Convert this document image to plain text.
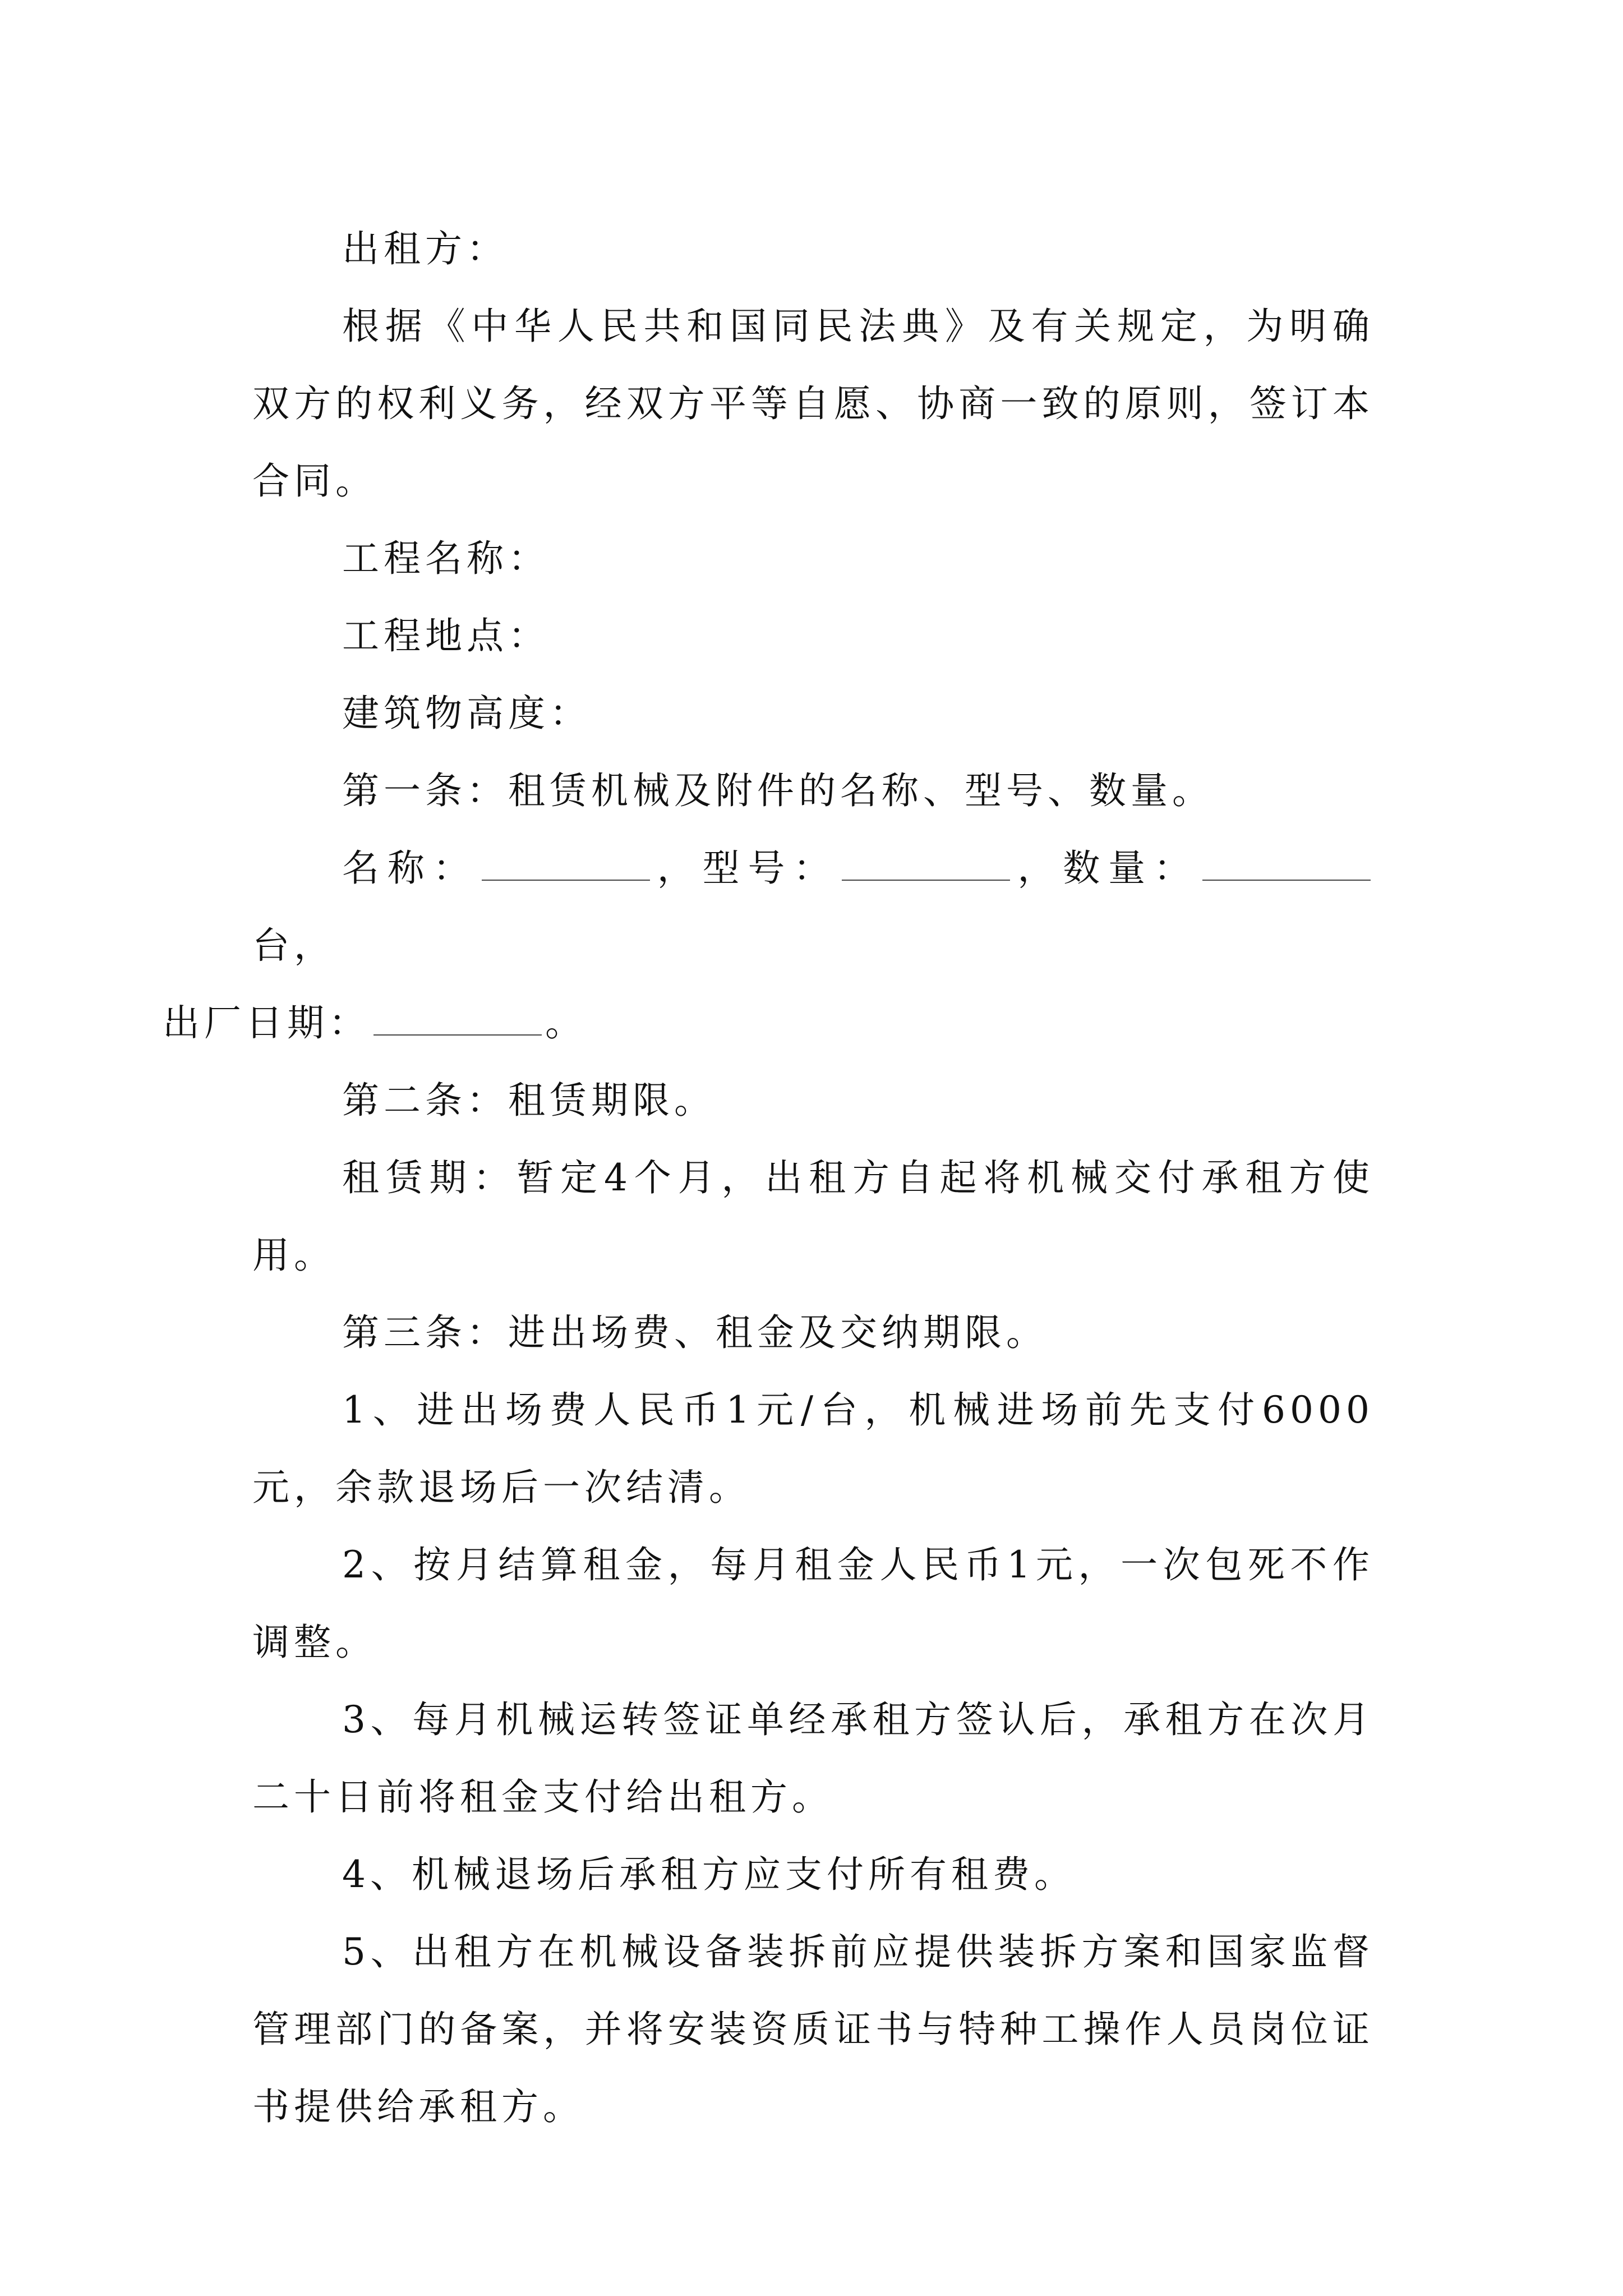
出租方：

根据《中华人民共和国同民法典》及有关规定，为明确双方的权利义务，经双方平等自愿、协商一致的原则，签订本合同。

工程名称：

工程地点：

建筑物高度：

第一条：租赁机械及附件的名称、型号、数量。

名称：	，型号：	，数量：台，
出厂日期：	。

第二条：租赁期限。

租赁期：暂定4个月，出租方自起将机械交付承租方使用。

第三条：进出场费、租金及交纳期限。

1、进出场费人民币1元/台，机械进场前先支付6000元，余款退场后一次结清。

2、按月结算租金，每月租金人民币1元，一次包死不作调整。

3、每月机械运转签证单经承租方签认后，承租方在次月二十日前将租金支付给出租方。

4、机械退场后承租方应支付所有租费。

5、出租方在机械设备装拆前应提供装拆方案和国家监督管理部门的备案，并将安装资质证书与特种工操作人员岗位证书提供给承租方。
